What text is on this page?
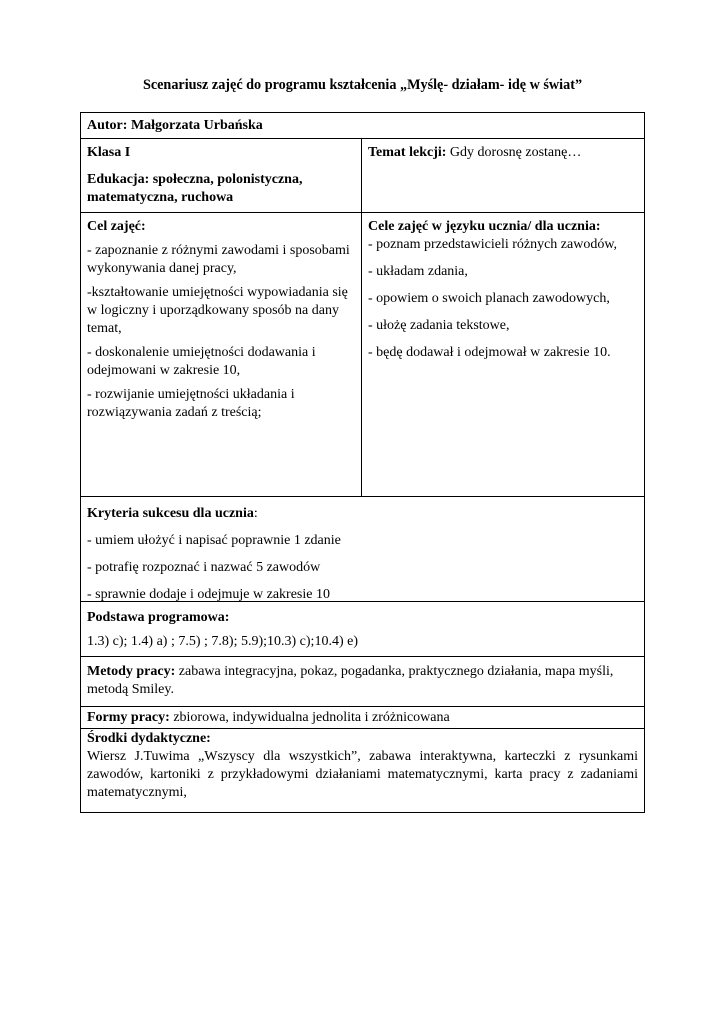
Scenariusz zajęć do programu kształcenia „Myślę- działam- idę w świat”

Autor: Małgorzata Urbańska

Klasa I

Edukacja: społeczna, polonistyczna, matematyczna, ruchowa

Temat lekcji: Gdy dorosnę zostanę…

Cel zajęć:

- zapoznanie z różnymi zawodami i sposobami wykonywania danej pracy,

-kształtowanie umiejętności wypowiadania się w logiczny i uporządkowany sposób na dany temat,

- doskonalenie umiejętności dodawania i odejmowani w zakresie 10,

- rozwijanie umiejętności układania i rozwiązywania zadań z treścią;

Cele zajęć w języku ucznia/ dla ucznia:

- poznam przedstawicieli różnych zawodów,

- układam zdania,

- opowiem o swoich planach zawodowych,

- ułożę zadania tekstowe,

- będę dodawał i odejmował w zakresie 10.

Kryteria sukcesu dla ucznia:

- umiem ułożyć i napisać poprawnie 1 zdanie

- potrafię rozpoznać i nazwać 5 zawodów

- sprawnie dodaje i odejmuje w zakresie 10

Podstawa programowa:

1.3) c); 1.4) a) ; 7.5) ; 7.8); 5.9);10.3) c);10.4) e)

Metody pracy: zabawa integracyjna, pokaz, pogadanka, praktycznego działania, mapa myśli, metodą Smiley.

Formy pracy: zbiorowa, indywidualna jednolita i zróżnicowana

Środki dydaktyczne:

Wiersz J.Tuwima „Wszyscy dla wszystkich”, zabawa interaktywna, karteczki z rysunkami zawodów, kartoniki z przykładowymi działaniami matematycznymi, karta pracy z zadaniami matematycznymi,
